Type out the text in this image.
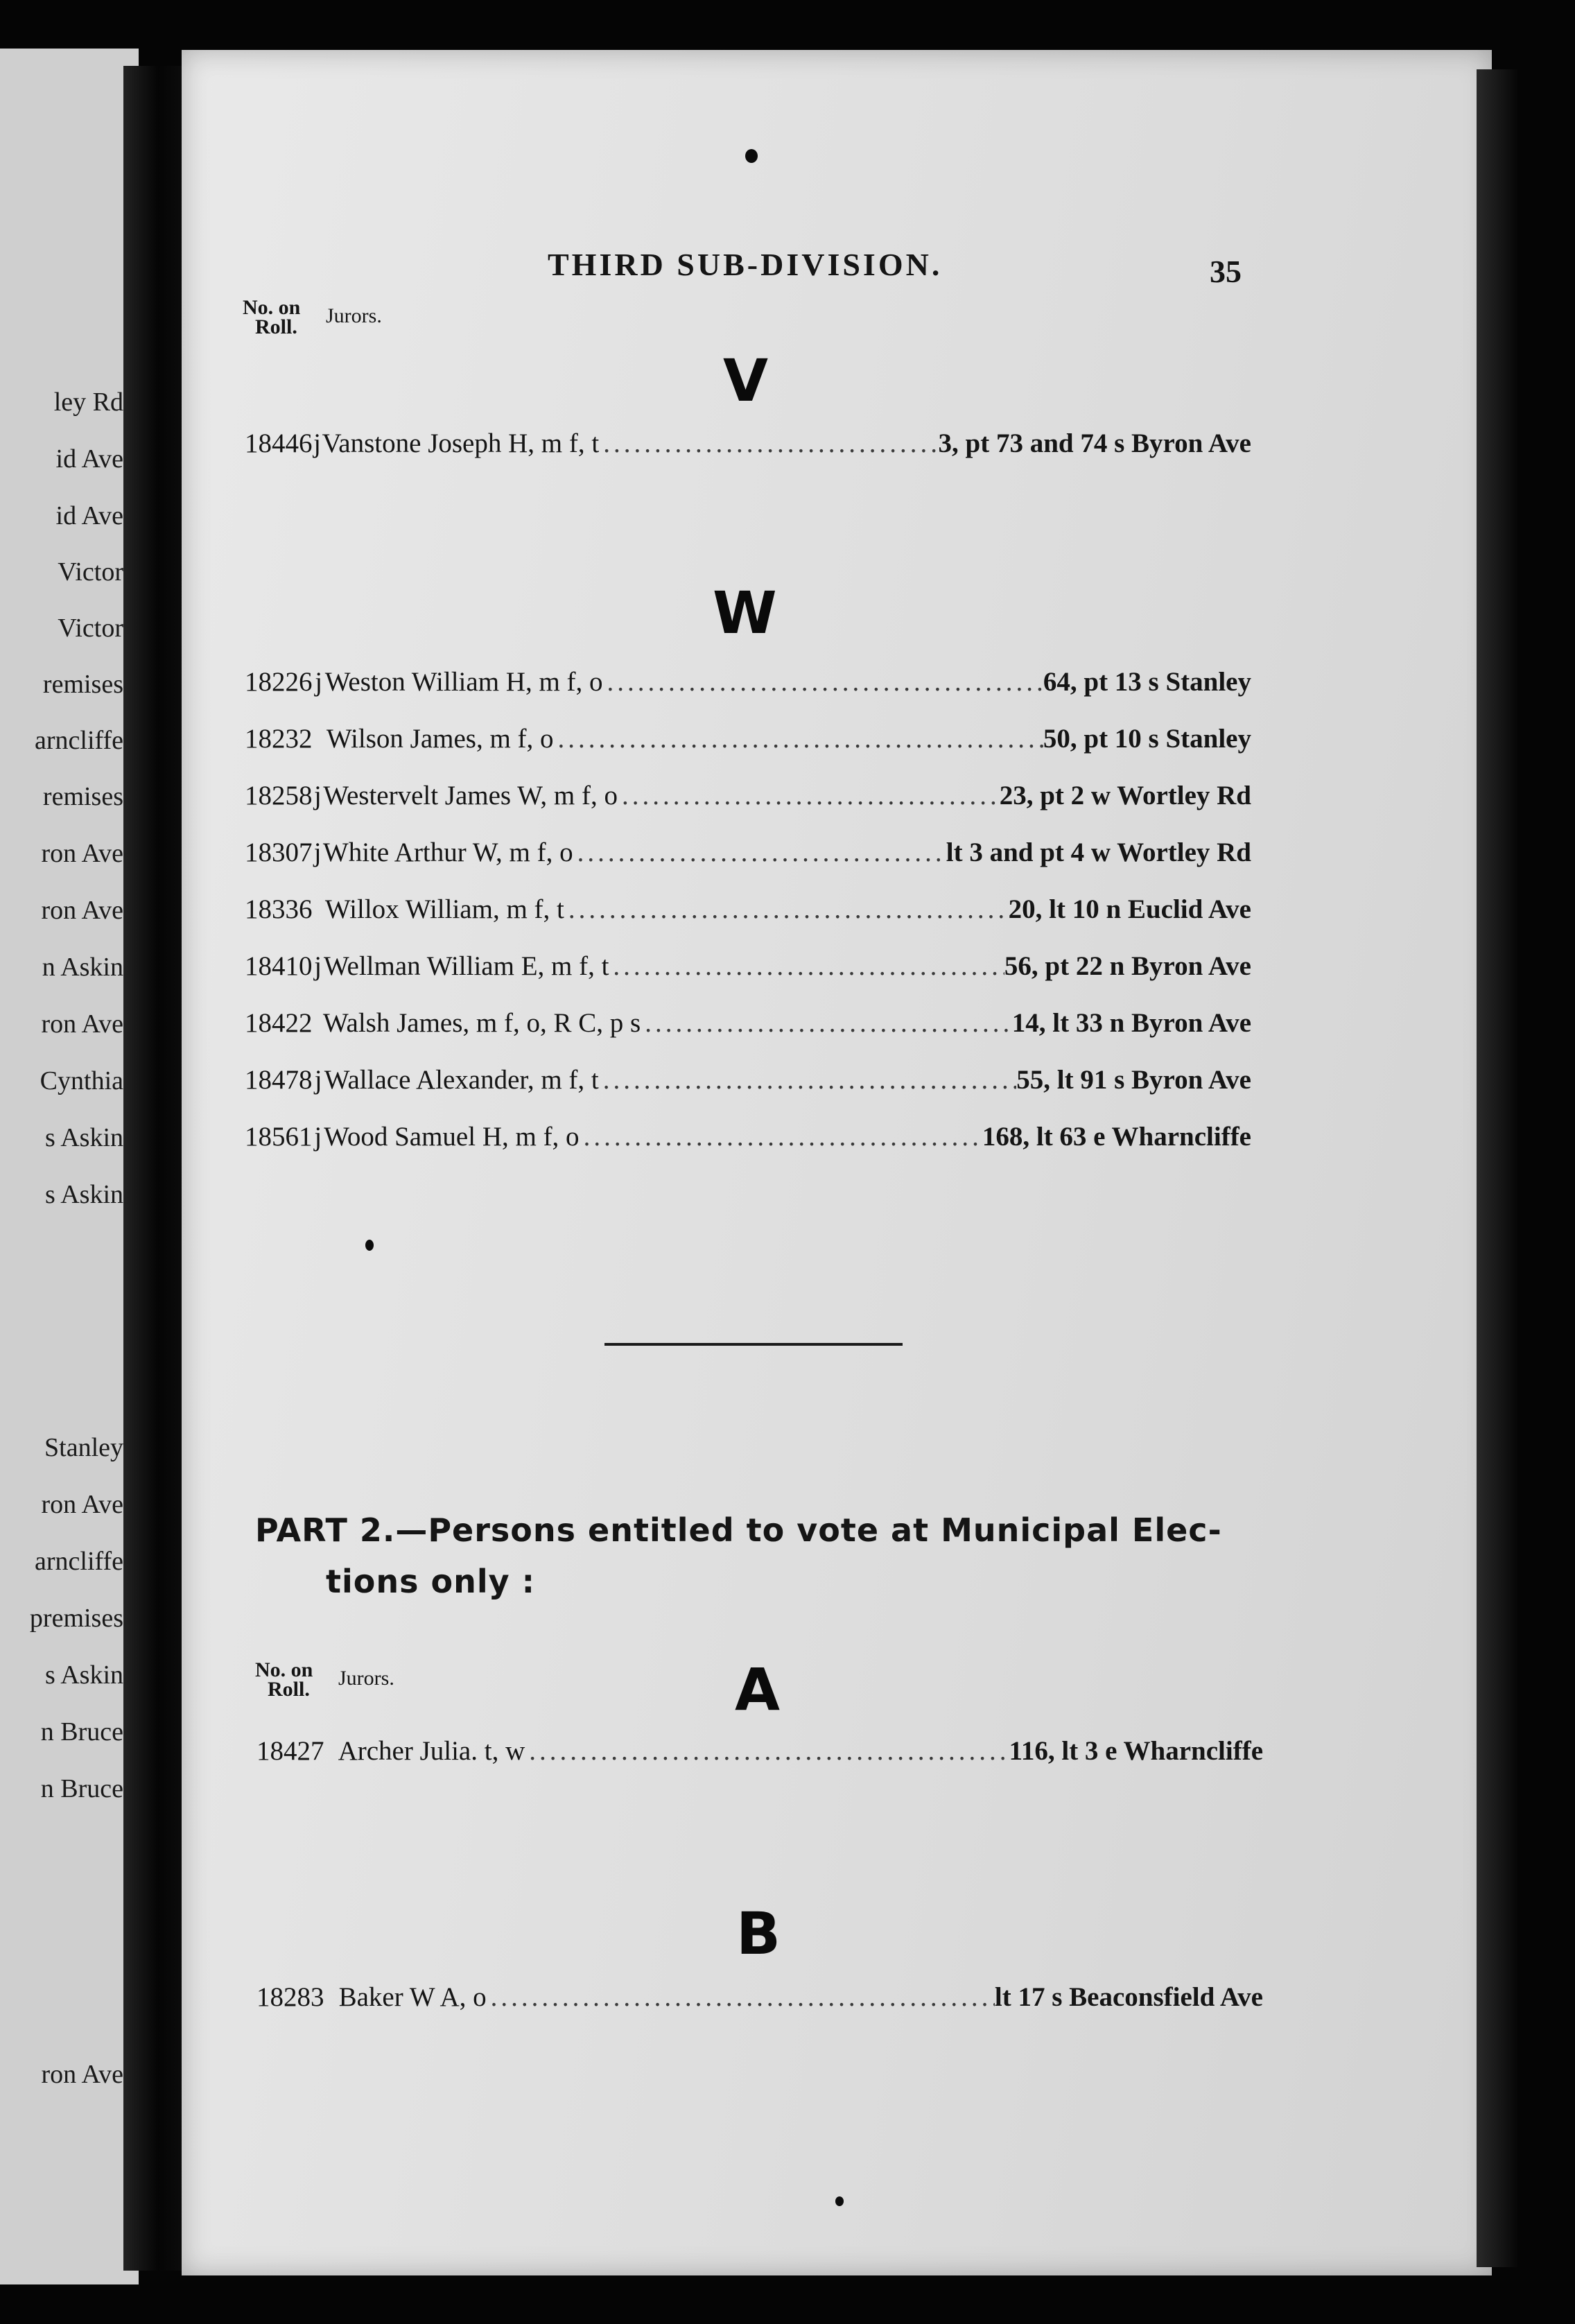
ley Rd
id Ave
id Ave
Victor
Victor
remises
arncliffe
remises
ron Ave
ron Ave
n Askin
ron Ave
Cynthia
s Askin
s Askin
Stanley
ron Ave
arncliffe
premises
s Askin
n Bruce
n Bruce
ron Ave
THIRD SUB-DIVISION.	35
No. on
Roll. Jurors.
V
18446 j Vanstone Joseph H, m f, t .....	3, pt 73 and 74 s Byron Ave
W
18226 j Weston William H, m f, o .....	64, pt 13 s Stanley
18232 Wilson James, m f, o .....	50, pt 10 s Stanley
18258 j Westervelt James W, m f, o .....	23, pt 2 w Wortley Rd
18307 j White Arthur W, m f, o .....	lt 3 and pt 4 w Wortley Rd
18336 Willox William, m f, t .....	20, lt 10 n Euclid Ave
18410 j Wellman William E, m f, t .....	56, pt 22 n Byron Ave
18422 Walsh James, m f, o, R C, p s .....	14, lt 33 n Byron Ave
18478 j Wallace Alexander, m f, t .....	55, lt 91 s Byron Ave
18561 j Wood Samuel H, m f, o .....	168, lt 63 e Wharncliffe
PART 2.—Persons entitled to vote at Municipal Elec-
tions only :
No. on
Roll. Jurors.	A
18427 Archer Julia. t, w .....	116, lt 3 e Wharncliffe
B
18283 Baker W A, o .....	lt 17 s Beaconsfield Ave
